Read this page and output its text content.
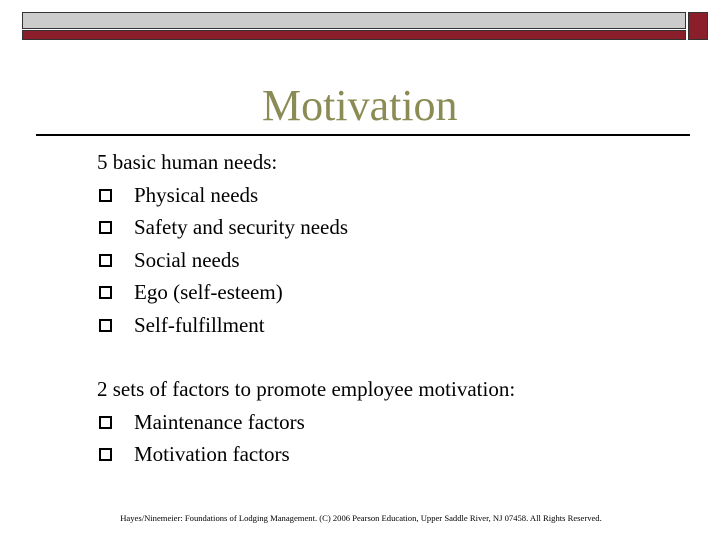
Motivation
5 basic human needs:
Physical needs
Safety and security needs
Social needs
Ego (self-esteem)
Self-fulfillment
2 sets of factors to promote employee motivation:
Maintenance factors
Motivation factors
Hayes/Ninemeier: Foundations of Lodging Management. (C) 2006 Pearson Education, Upper Saddle River, NJ 07458. All Rights Reserved.
